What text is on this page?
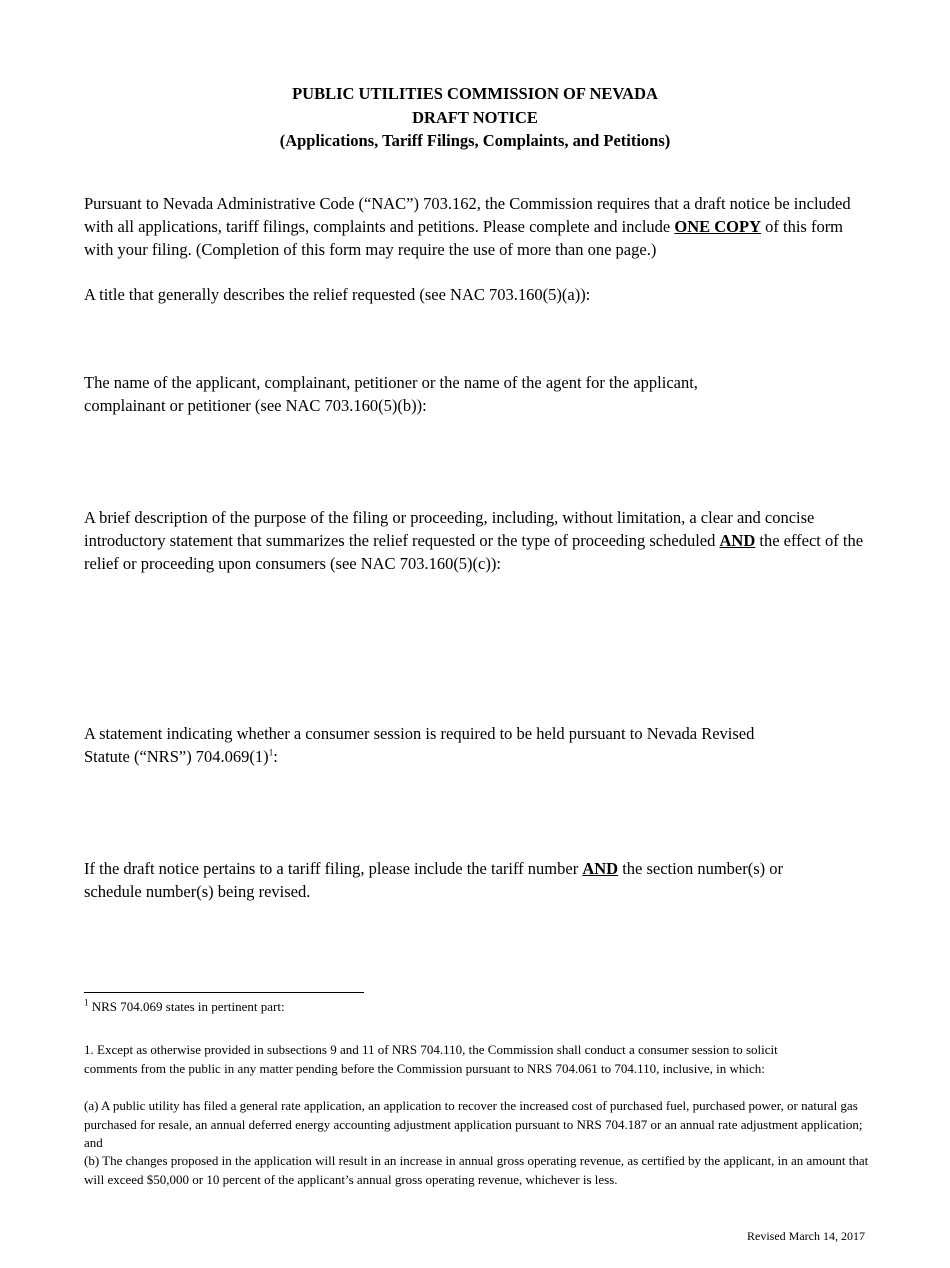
PUBLIC UTILITIES COMMISSION OF NEVADA
DRAFT NOTICE
(Applications, Tariff Filings, Complaints, and Petitions)
Pursuant to Nevada Administrative Code (“NAC”) 703.162, the Commission requires that a draft notice be included with all applications, tariff filings, complaints and petitions. Please complete and include ONE COPY of this form with your filing. (Completion of this form may require the use of more than one page.)
A title that generally describes the relief requested (see NAC 703.160(5)(a)):
The name of the applicant, complainant, petitioner or the name of the agent for the applicant, complainant or petitioner (see NAC 703.160(5)(b)):
A brief description of the purpose of the filing or proceeding, including, without limitation, a clear and concise introductory statement that summarizes the relief requested or the type of proceeding scheduled AND the effect of the relief or proceeding upon consumers (see NAC 703.160(5)(c)):
A statement indicating whether a consumer session is required to be held pursuant to Nevada Revised Statute (“NRS”) $704.069(1)^1$:
If the draft notice pertains to a tariff filing, please include the tariff number AND the section number(s) or schedule number(s) being revised.
$^1$ NRS 704.069 states in pertinent part:
1. Except as otherwise provided in subsections 9 and 11 of NRS 704.110, the Commission shall conduct a consumer session to solicit comments from the public in any matter pending before the Commission pursuant to NRS 704.061 to 704.110, inclusive, in which:
(a) A public utility has filed a general rate application, an application to recover the increased cost of purchased fuel, purchased power, or natural gas purchased for resale, an annual deferred energy accounting adjustment application pursuant to NRS 704.187 or an annual rate adjustment application; and
(b) The changes proposed in the application will result in an increase in annual gross operating revenue, as certified by the applicant, in an amount that will exceed $50,000 or 10 percent of the applicant’s annual gross operating revenue, whichever is less.
Revised March 14, 2017
